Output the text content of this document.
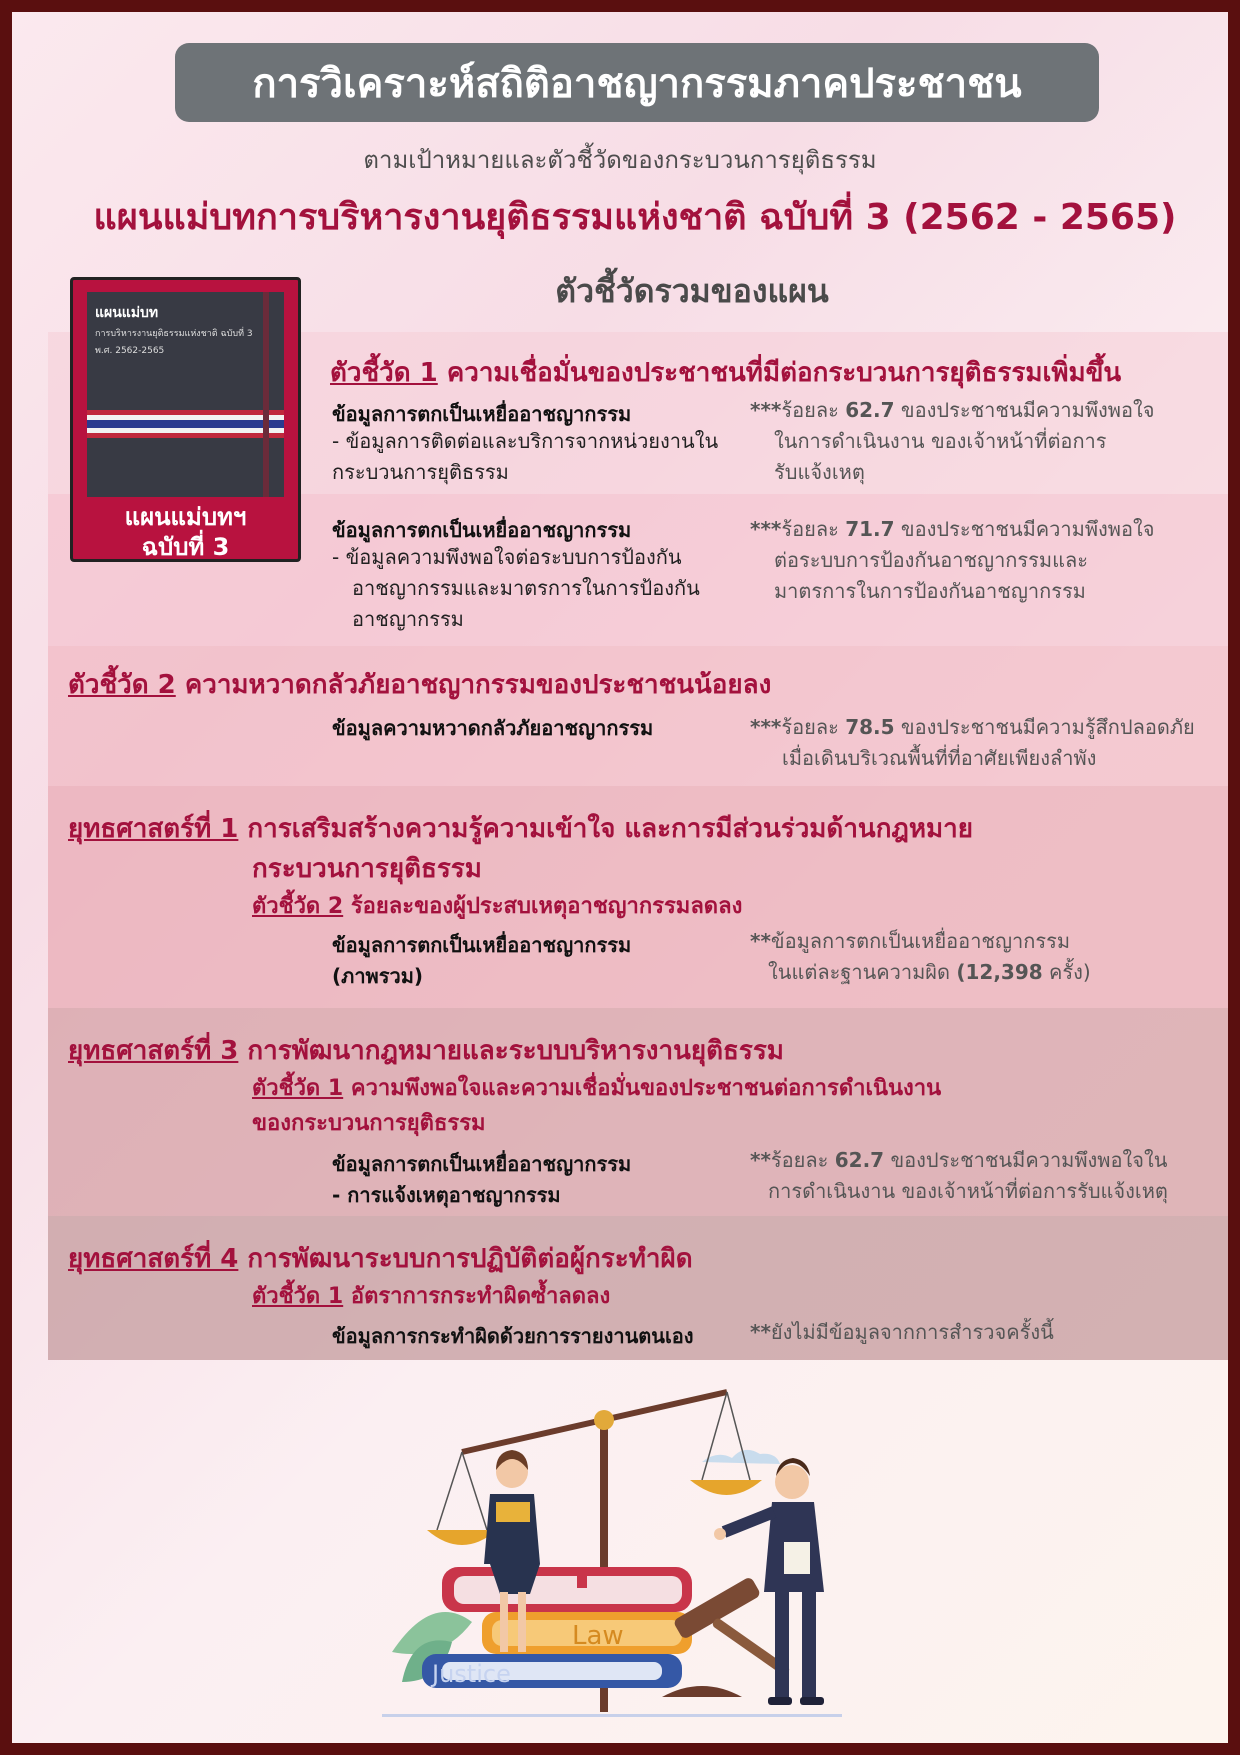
การวิเคราะห์สถิติอาชญากรรมภาคประชาชน
ตามเป้าหมายและตัวชี้วัดของกระบวนการยุติธรรม
แผนแม่บทการบริหารงานยุติธรรมแห่งชาติ ฉบับที่ 3 (2562 - 2565)
ตัวชี้วัดรวมของแผน
แผนแม่บท
การบริหารงานยุติธรรมแห่งชาติ ฉบับที่ 3
พ.ศ. 2562-2565
แผนแม่บทฯ
ฉบับที่ 3
ตัวชี้วัด 1 ความเชื่อมั่นของประชาชนที่มีต่อกระบวนการยุติธรรมเพิ่มขึ้น
ข้อมูลการตกเป็นเหยื่ออาชญากรรม
- ข้อมูลการติดต่อและบริการจากหน่วยงานใน
กระบวนการยุติธรรม
***ร้อยละ 62.7 ของประชาชนมีความพึงพอใจ
ในการดำเนินงาน ของเจ้าหน้าที่ต่อการ
รับแจ้งเหตุ
ข้อมูลการตกเป็นเหยื่ออาชญากรรม
- ข้อมูลความพึงพอใจต่อระบบการป้องกัน
อาชญากรรมและมาตรการในการป้องกัน
อาชญากรรม
***ร้อยละ 71.7 ของประชาชนมีความพึงพอใจ
ต่อระบบการป้องกันอาชญากรรมและ
มาตรการในการป้องกันอาชญากรรม
ตัวชี้วัด 2 ความหวาดกลัวภัยอาชญากรรมของประชาชนน้อยลง
ข้อมูลความหวาดกลัวภัยอาชญากรรม	***ร้อยละ 78.5 ของประชาชนมีความรู้สึกปลอดภัย
เมื่อเดินบริเวณพื้นที่ที่อาศัยเพียงลำพัง
ยุทธศาสตร์ที่ 1 การเสริมสร้างความรู้ความเข้าใจ และการมีส่วนร่วมด้านกฎหมาย
กระบวนการยุติธรรม
ตัวชี้วัด 2 ร้อยละของผู้ประสบเหตุอาชญากรรมลดลง
ข้อมูลการตกเป็นเหยื่ออาชญากรรม
(ภาพรวม)
**ข้อมูลการตกเป็นเหยื่ออาชญากรรม
ในแต่ละฐานความผิด (12,398 ครั้ง)
ยุทธศาสตร์ที่ 3 การพัฒนากฎหมายและระบบบริหารงานยุติธรรม
ตัวชี้วัด 1 ความพึงพอใจและความเชื่อมั่นของประชาชนต่อการดำเนินงาน
ของกระบวนการยุติธรรม
ข้อมูลการตกเป็นเหยื่ออาชญากรรม
- การแจ้งเหตุอาชญากรรม
**ร้อยละ 62.7 ของประชาชนมีความพึงพอใจใน
การดำเนินงาน ของเจ้าหน้าที่ต่อการรับแจ้งเหตุ
ยุทธศาสตร์ที่ 4 การพัฒนาระบบการปฏิบัติต่อผู้กระทำผิด
ตัวชี้วัด 1 อัตราการกระทำผิดซ้ำลดลง
ข้อมูลการกระทำผิดด้วยการรายงานตนเอง	**ยังไม่มีข้อมูลจากการสำรวจครั้งนี้
Justice
Law
